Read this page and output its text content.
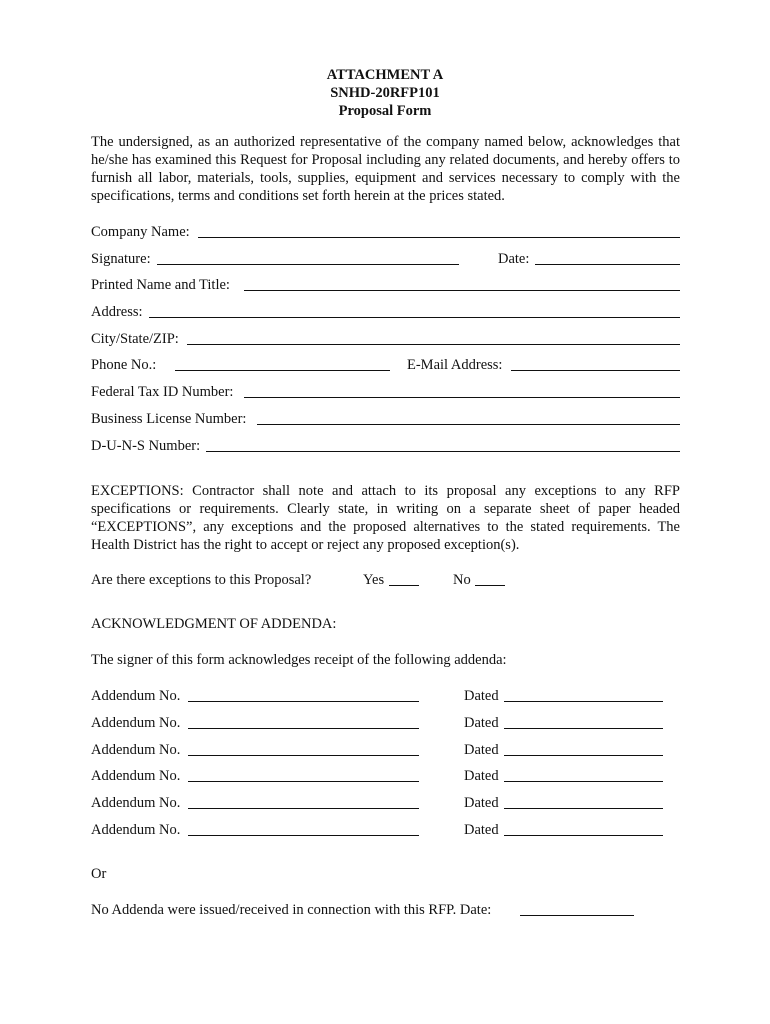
ATTACHMENT A
SNHD-20RFP101
Proposal Form
The undersigned, as an authorized representative of the company named below, acknowledges that he/she has examined this Request for Proposal including any related documents, and hereby offers to furnish all labor, materials, tools, supplies, equipment and services necessary to comply with the specifications, terms and conditions set forth herein at the prices stated.
Company Name:
Signature:	Date:
Printed Name and Title:
Address:
City/State/ZIP:
Phone No.:	E-Mail Address:
Federal Tax ID Number:
Business License Number:
D-U-N-S Number:
EXCEPTIONS: Contractor shall note and attach to its proposal any exceptions to any RFP specifications or requirements. Clearly state, in writing on a separate sheet of paper headed “EXCEPTIONS”, any exceptions and the proposed alternatives to the stated requirements. The Health District has the right to accept or reject any proposed exception(s).
Are there exceptions to this Proposal?	Yes	No
ACKNOWLEDGMENT OF ADDENDA:
The signer of this form acknowledges receipt of the following addenda:
Addendum No.	Dated
Addendum No.	Dated
Addendum No.	Dated
Addendum No.	Dated
Addendum No.	Dated
Addendum No.	Dated
Or
No Addenda were issued/received in connection with this RFP. Date:
